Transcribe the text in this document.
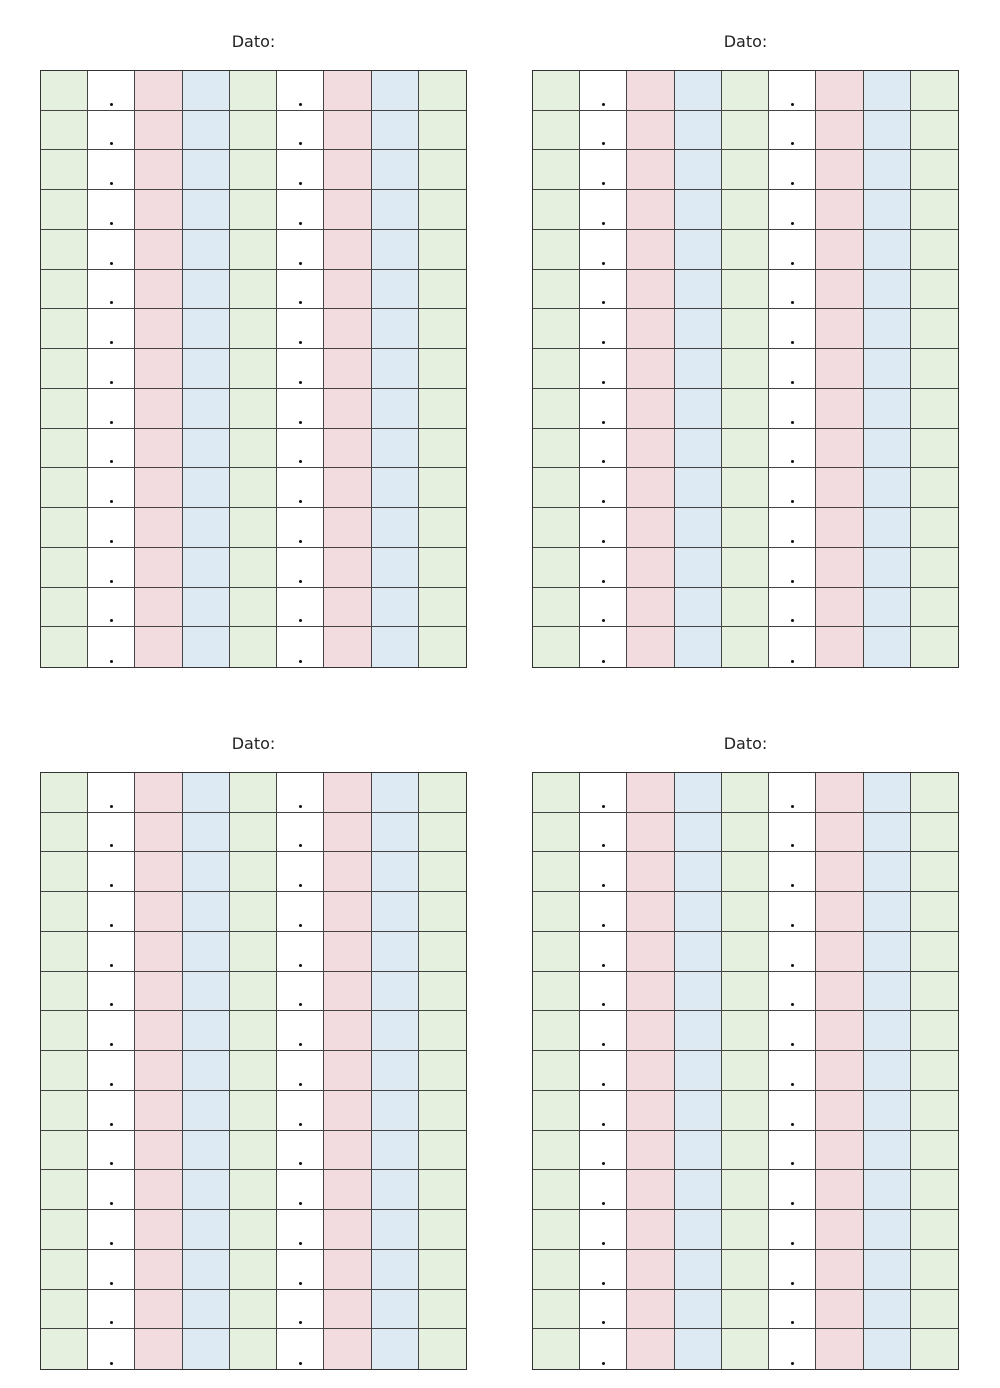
Dato:	Dato:
Dato:	Dato:
